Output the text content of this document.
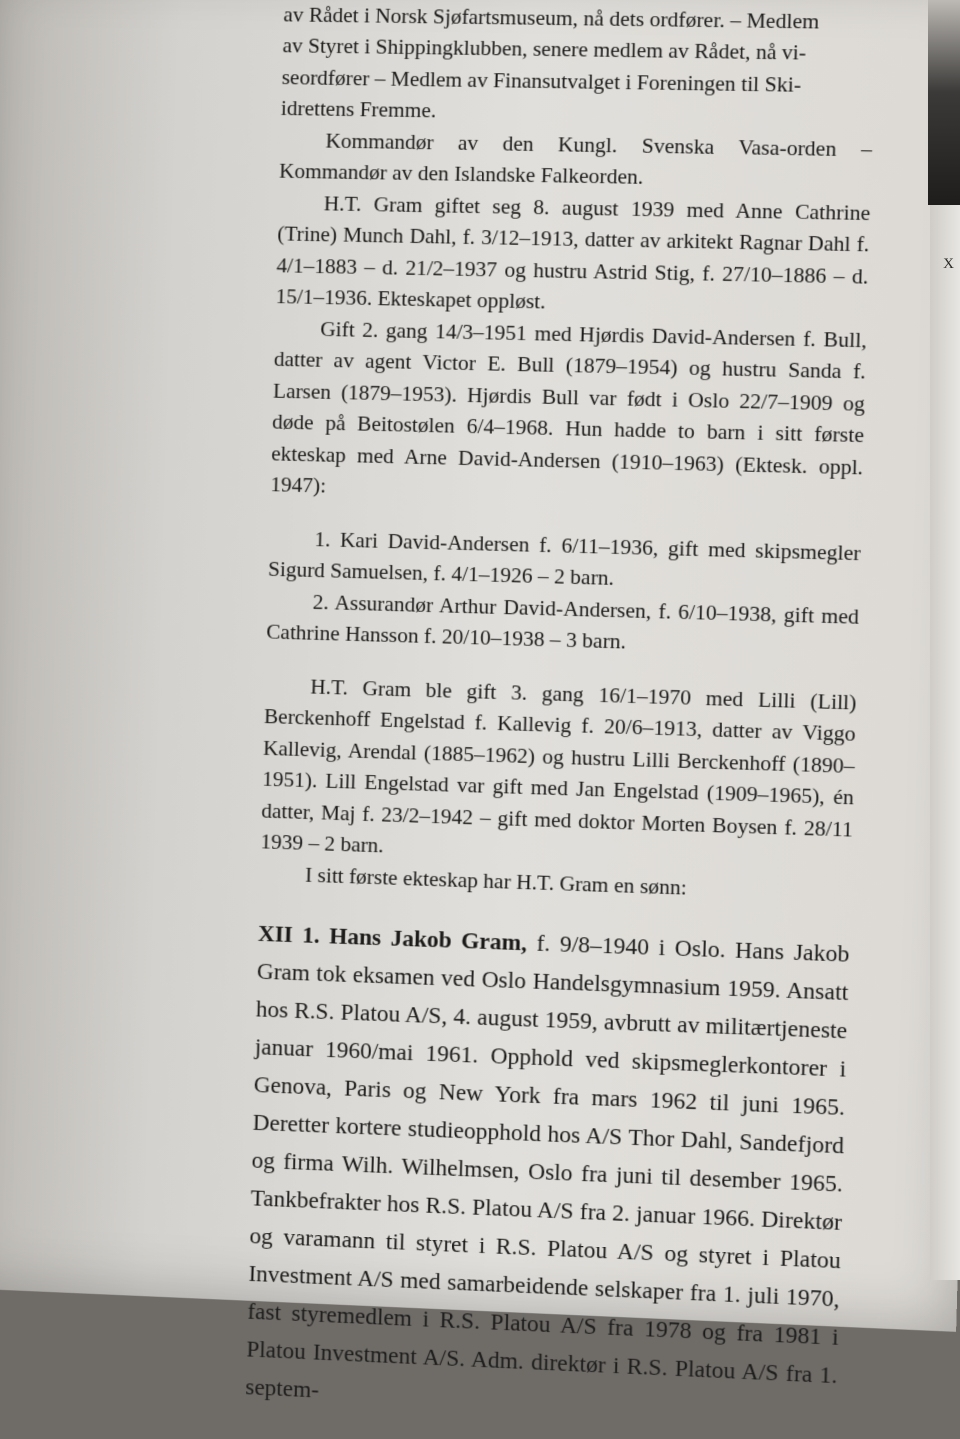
av Rådet i Norsk Sjøfartsmuseum, nå dets ordfører. – Medlem

av Styret i Shippingklubben, senere medlem av Rådet, nå vi-

seordfører – Medlem av Finansutvalget i Foreningen til Ski-

idrettens Fremme.

Kommandør av den Kungl. Svenska Vasa-orden – Kommandør av den Islandske Falkeorden.

H.T. Gram giftet seg 8. august 1939 med Anne Cathrine (Trine) Munch Dahl, f. 3/12–1913, datter av arkitekt Ragnar Dahl f. 4/1–1883 – d. 21/2–1937 og hustru Astrid Stig, f. 27/10–1886 – d. 15/1–1936. Ekteskapet oppløst.

Gift 2. gang 14/3–1951 med Hjørdis David-Andersen f. Bull, datter av agent Victor E. Bull (1879–1954) og hustru Sanda f. Larsen (1879–1953). Hjørdis Bull var født i Oslo 22/7–1909 og døde på Beitostølen 6/4–1968. Hun hadde to barn i sitt første ekteskap med Arne David-Andersen (1910–1963) (Ektesk. oppl. 1947):

1. Kari David-Andersen f. 6/11–1936, gift med skipsmegler Sigurd Samuelsen, f. 4/1–1926 – 2 barn.

2. Assurandør Arthur David-Andersen, f. 6/10–1938, gift med Cathrine Hansson f. 20/10–1938 – 3 barn.

H.T. Gram ble gift 3. gang 16/1–1970 med Lilli (Lill) Berckenhoff Engelstad f. Kallevig f. 20/6–1913, datter av Viggo Kallevig, Arendal (1885–1962) og hustru Lilli Berckenhoff (1890–1951). Lill Engelstad var gift med Jan Engelstad (1909–1965), én datter, Maj f. 23/2–1942 – gift med doktor Morten Boysen f. 28/11 1939 – 2 barn.

I sitt første ekteskap har H.T. Gram en sønn:

XII 1. Hans Jakob Gram, f. 9/8–1940 i Oslo. Hans Jakob Gram tok eksamen ved Oslo Handelsgymnasium 1959. Ansatt hos R.S. Platou A/S, 4. august 1959, avbrutt av militærtjeneste januar 1960/mai 1961. Opphold ved skipsmeglerkontorer i Genova, Paris og New York fra mars 1962 til juni 1965. Deretter kortere studieopphold hos A/S Thor Dahl, Sandefjord og firma Wilh. Wilhelmsen, Oslo fra juni til desember 1965. Tankbefrakter hos R.S. Platou A/S fra 2. januar 1966. Direktør og varamann til styret i R.S. Platou A/S og styret i Platou Investment A/S med samarbeidende selskaper fra 1. juli 1970, fast styremedlem i R.S. Platou A/S fra 1978 og fra 1981 i Platou Investment A/S. Adm. direktør i R.S. Platou A/S fra 1. septem-

X
